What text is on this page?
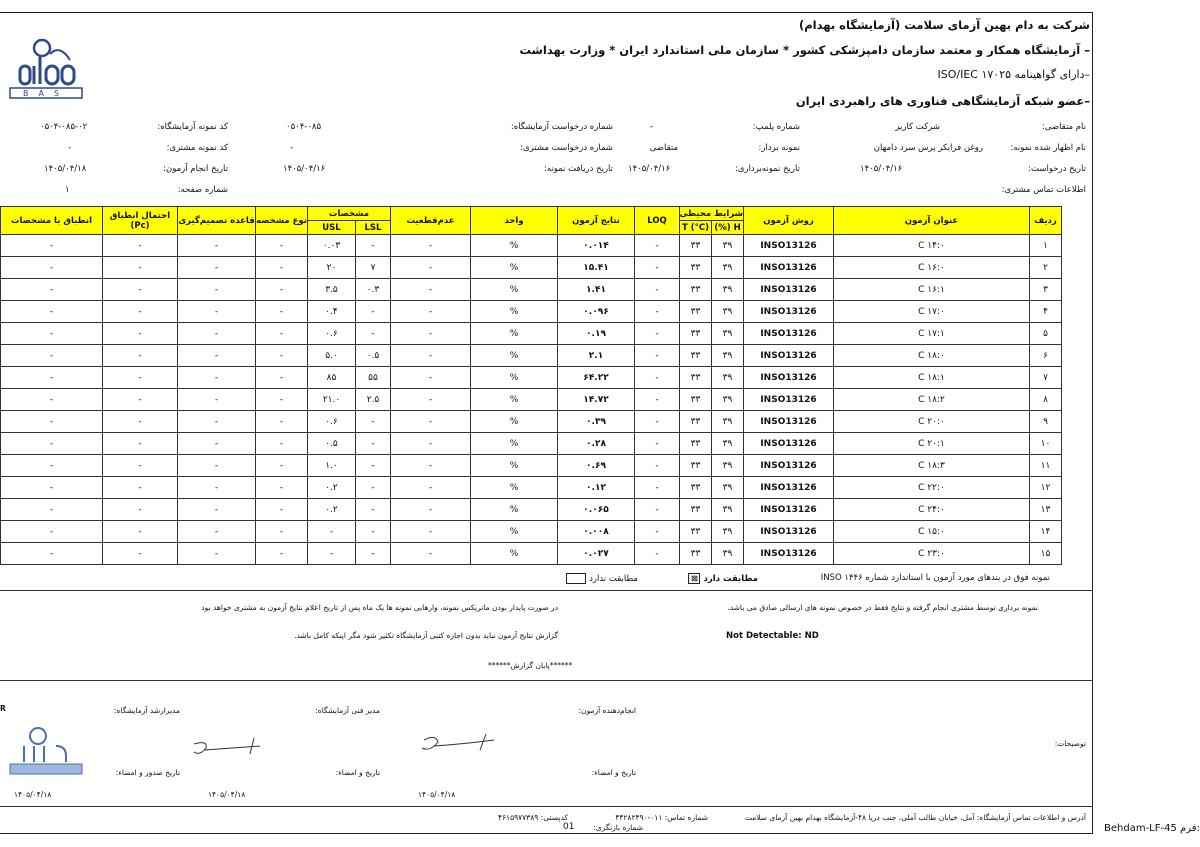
شرکت به دام بهین آزمای سلامت (آزمایشگاه بهدام)
– آزمایشگاه همکار و معتمد سازمان دامپزشکی کشور * سازمان ملی استاندارد ایران * وزارت بهداشت
–دارای گواهینامه ۱۷۰۲۵ ISO/IEC
–عضو شبکه آزمایشگاهی فناوری های راهبردی ایران
BAS
نام متقاضی:
شرکت کاریز
شماره پلمپ:
-
شماره درخواست آزمایشگاه:
۰۵۰۴-۰۸۵
کد نمونه آزمایشگاه:
۰۵۰۴-۰۸۵-۰۲
نام اظهار شده نمونه:
روغن فرایکر پرس سرد دامهان
نمونه بردار:
متقاضی
شماره درخواست مشتری:
-
کد نمونه مشتری:
-
تاریخ درخواست:
۱۴۰۵/۰۴/۱۶
تاریخ نمونه‌برداری:
۱۴۰۵/۰۴/۱۶
تاریخ دریافت نمونه:
۱۴۰۵/۰۴/۱۶
تاریخ انجام آزمون:
۱۴۰۵/۰۴/۱۸
اطلاعات تماس مشتری:
شماره صفحه:
۱
ردیف	عنوان آزمون	روش آزمون	شرایط محیطی		LOQ	نتایج آزمون	واحد	عدم‌قطعیت	مشخصات		نوع مشخصه	قاعده تصمیم‌گیری	احتمال انطباق
(Pc)	انطباق با مشخصات
			H (%)	T (°C)					LSL	USL				
۱	C ۱۴:۰	INSO13126	۳۹	۳۳	-	۰.۰۱۴	%	-	-	۰.۰۳	-	-	-	-
۲	C ۱۶:۰	INSO13126	۳۹	۳۳	-	۱۵.۴۱	%	-	۷	۲۰	-	-	-	-
۳	C ۱۶:۱	INSO13126	۳۹	۳۳	-	۱.۴۱	%	-	۰.۳	۳.۵	-	-	-	-
۴	C ۱۷:۰	INSO13126	۳۹	۳۳	-	۰.۰۹۶	%	-	-	۰.۴	-	-	-	-
۵	C ۱۷:۱	INSO13126	۳۹	۳۳	-	۰.۱۹	%	-	-	۰.۶	-	-	-	-
۶	C ۱۸:۰	INSO13126	۳۹	۳۳	-	۲.۱	%	-	۰.۵	۵.۰	-	-	-	-
۷	C ۱۸:۱	INSO13126	۳۹	۳۳	-	۶۴.۲۲	%	-	۵۵	۸۵	-	-	-	-
۸	C ۱۸:۲	INSO13126	۳۹	۳۳	-	۱۴.۷۲	%	-	۲.۵	۲۱.۰	-	-	-	-
۹	C ۲۰:۰	INSO13126	۳۹	۳۳	-	۰.۳۹	%	-	-	۰.۶	-	-	-	-
۱۰	C ۲۰:۱	INSO13126	۳۹	۳۳	-	۰.۲۸	%	-	-	۰.۵	-	-	-	-
۱۱	C ۱۸:۳	INSO13126	۳۹	۳۳	-	۰.۶۹	%	-	-	۱.۰	-	-	-	-
۱۲	C ۲۲:۰	INSO13126	۳۹	۳۳	-	۰.۱۲	%	-	-	۰.۲	-	-	-	-
۱۳	C ۲۴:۰	INSO13126	۳۹	۳۳	-	۰.۰۶۵	%	-	-	۰.۲	-	-	-	-
۱۴	C ۱۵:۰	INSO13126	۳۹	۳۳	-	۰.۰۰۸	%	-	-	-	-	-	-	-
۱۵	C ۲۳:۰	INSO13126	۳۹	۳۳	-	۰.۰۲۷	%	-	-	-	-	-	-	-
نمونه فوق در بندهای مورد آزمون با استاندارد شماره ۱۴۴۶ INSO
مطابقت دارد ⊠
مطابقت ندارد
نمونه برداری توسط مشتری انجام گرفته و نتایج فقط در خصوص نمونه های ارسالی صادق می باشد.
در صورت پایدار بودن ماتریکس نمونه، وارهایی نمونه ها یک ماه پس از تاریخ اعلام نتایج آزمون به مشتری خواهد بود
Not Detectable: ND
گزارش نتایج آزمون نباید بدون اجازه کتبی آزمایشگاه تکثیر شود مگر اینکه کامل باشد.
******پایان گزارش******
انجام‌دهنده آزمون:
مدیر فنی آزمایشگاه:
مدیرارشد آزمایشگاه:
R
توضیحات:
تاریخ و امضاء:
تاریخ و امضاء:
تاریخ صدور و امضاء:
۱۴۰۵/۰۴/۱۸
۱۴۰۵/۰۴/۱۸
۱۴۰۵/۰۴/۱۸
آدرس و اطلاعات تماس آزمایشگاه: آمل، خیابان طالب آملی، جنب دریا ۴۸-آزمایشگاه بهدام بهین آزمای سلامت
شماره تماس: ۰۱۱-۴۴۲۸۲۴۹۰
کدپستی: ۴۶۱۵۹۷۷۳۸۹
شماره بازنگری:
01	Behdam-LF-45 فرم:
